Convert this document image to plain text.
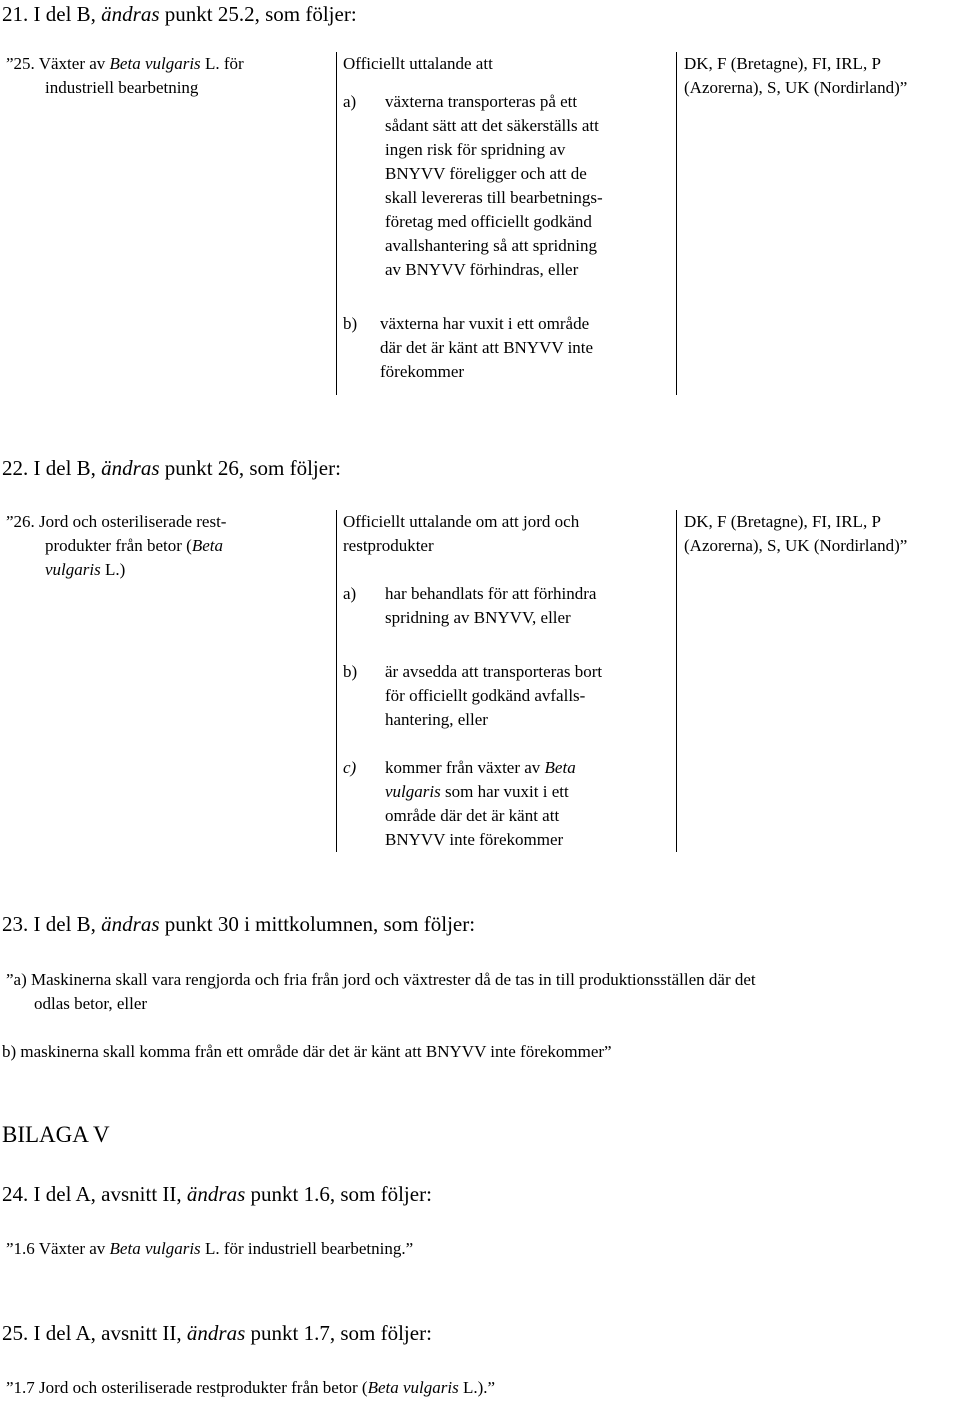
21. I del B, ändras punkt 25.2, som följer:

”25. Växter av Beta vulgaris L. för
industriell bearbetning
Officiellt uttalande att
a) växterna transporteras på ett
sådant sätt att det säkerställs att
ingen risk för spridning av
BNYVV föreligger och att de
skall levereras till bearbetnings-
företag med officiellt godkänd
avallshantering så att spridning
av BNYVV förhindras, eller
b) växterna har vuxit i ett område
där det är känt att BNYVV inte
förekommer
DK, F (Bretagne), FI, IRL, P
(Azorerna), S, UK (Nordirland)”

22. I del B, ändras punkt 26, som följer:

”26. Jord och osteriliserade rest-
produkter från betor (Beta
vulgaris L.)
Officiellt uttalande om att jord och
restprodukter
a) har behandlats för att förhindra
spridning av BNYVV, eller
b) är avsedda att transporteras bort
för officiellt godkänd avfalls-
hantering, eller
c) kommer från växter av Beta
vulgaris som har vuxit i ett
område där det är känt att
BNYVV inte förekommer
DK, F (Bretagne), FI, IRL, P
(Azorerna), S, UK (Nordirland)”

23. I del B, ändras punkt 30 i mittkolumnen, som följer:

”a) Maskinerna skall vara rengjorda och fria från jord och växtrester då de tas in till produktionsställen där det
odlas betor, eller

b) maskinerna skall komma från ett område där det är känt att BNYVV inte förekommer”

BILAGA V

24. I del A, avsnitt II, ändras punkt 1.6, som följer:

”1.6 Växter av Beta vulgaris L. för industriell bearbetning.”

25. I del A, avsnitt II, ändras punkt 1.7, som följer:

”1.7 Jord och osteriliserade restprodukter från betor (Beta vulgaris L.).”
